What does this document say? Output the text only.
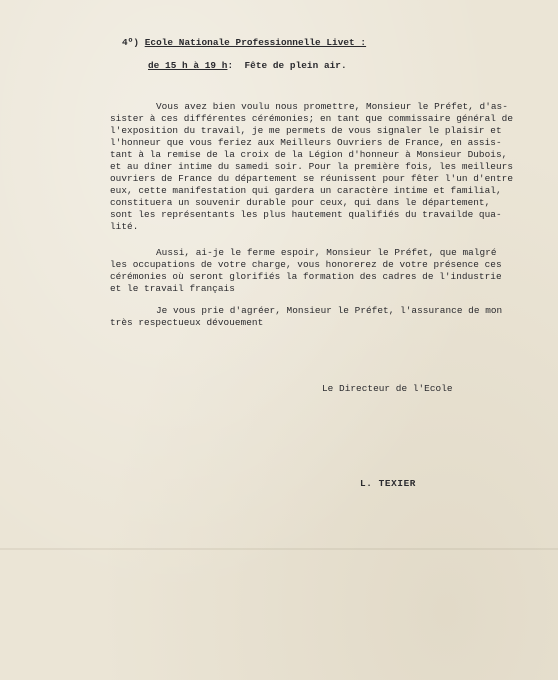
4º) Ecole Nationale Professionnelle Livet :
de 15 h à 19 h:  Fête de plein air.
Vous avez bien voulu nous promettre, Monsieur le Préfet, d'as-
sister à ces différentes cérémonies; en tant que commissaire général de
l'exposition du travail, je me permets de vous signaler le plaisir et
l'honneur que vous feriez aux Meilleurs Ouvriers de France, en assis-
tant à la remise de la croix de la Légion d'honneur à Monsieur Dubois,
et au dîner intime du samedi soir. Pour la première fois, les meilleurs
ouvriers de France du département se réunissent pour fêter l'un d'entre
eux, cette manifestation qui gardera un caractère intime et familial,
constituera un souvenir durable pour ceux, qui dans le département,
sont les représentants les plus hautement qualifiés du travailde qua-
lité.
Aussi, ai-je le ferme espoir, Monsieur le Préfet, que malgré
les occupations de votre charge, vous honorerez de votre présence ces
cérémonies où seront glorifiés la formation des cadres de l'industrie
et le travail français
Je vous prie d'agréer, Monsieur le Préfet, l'assurance de mon
très respectueux dévouement
Le Directeur de l'Ecole
L. TEXIER
